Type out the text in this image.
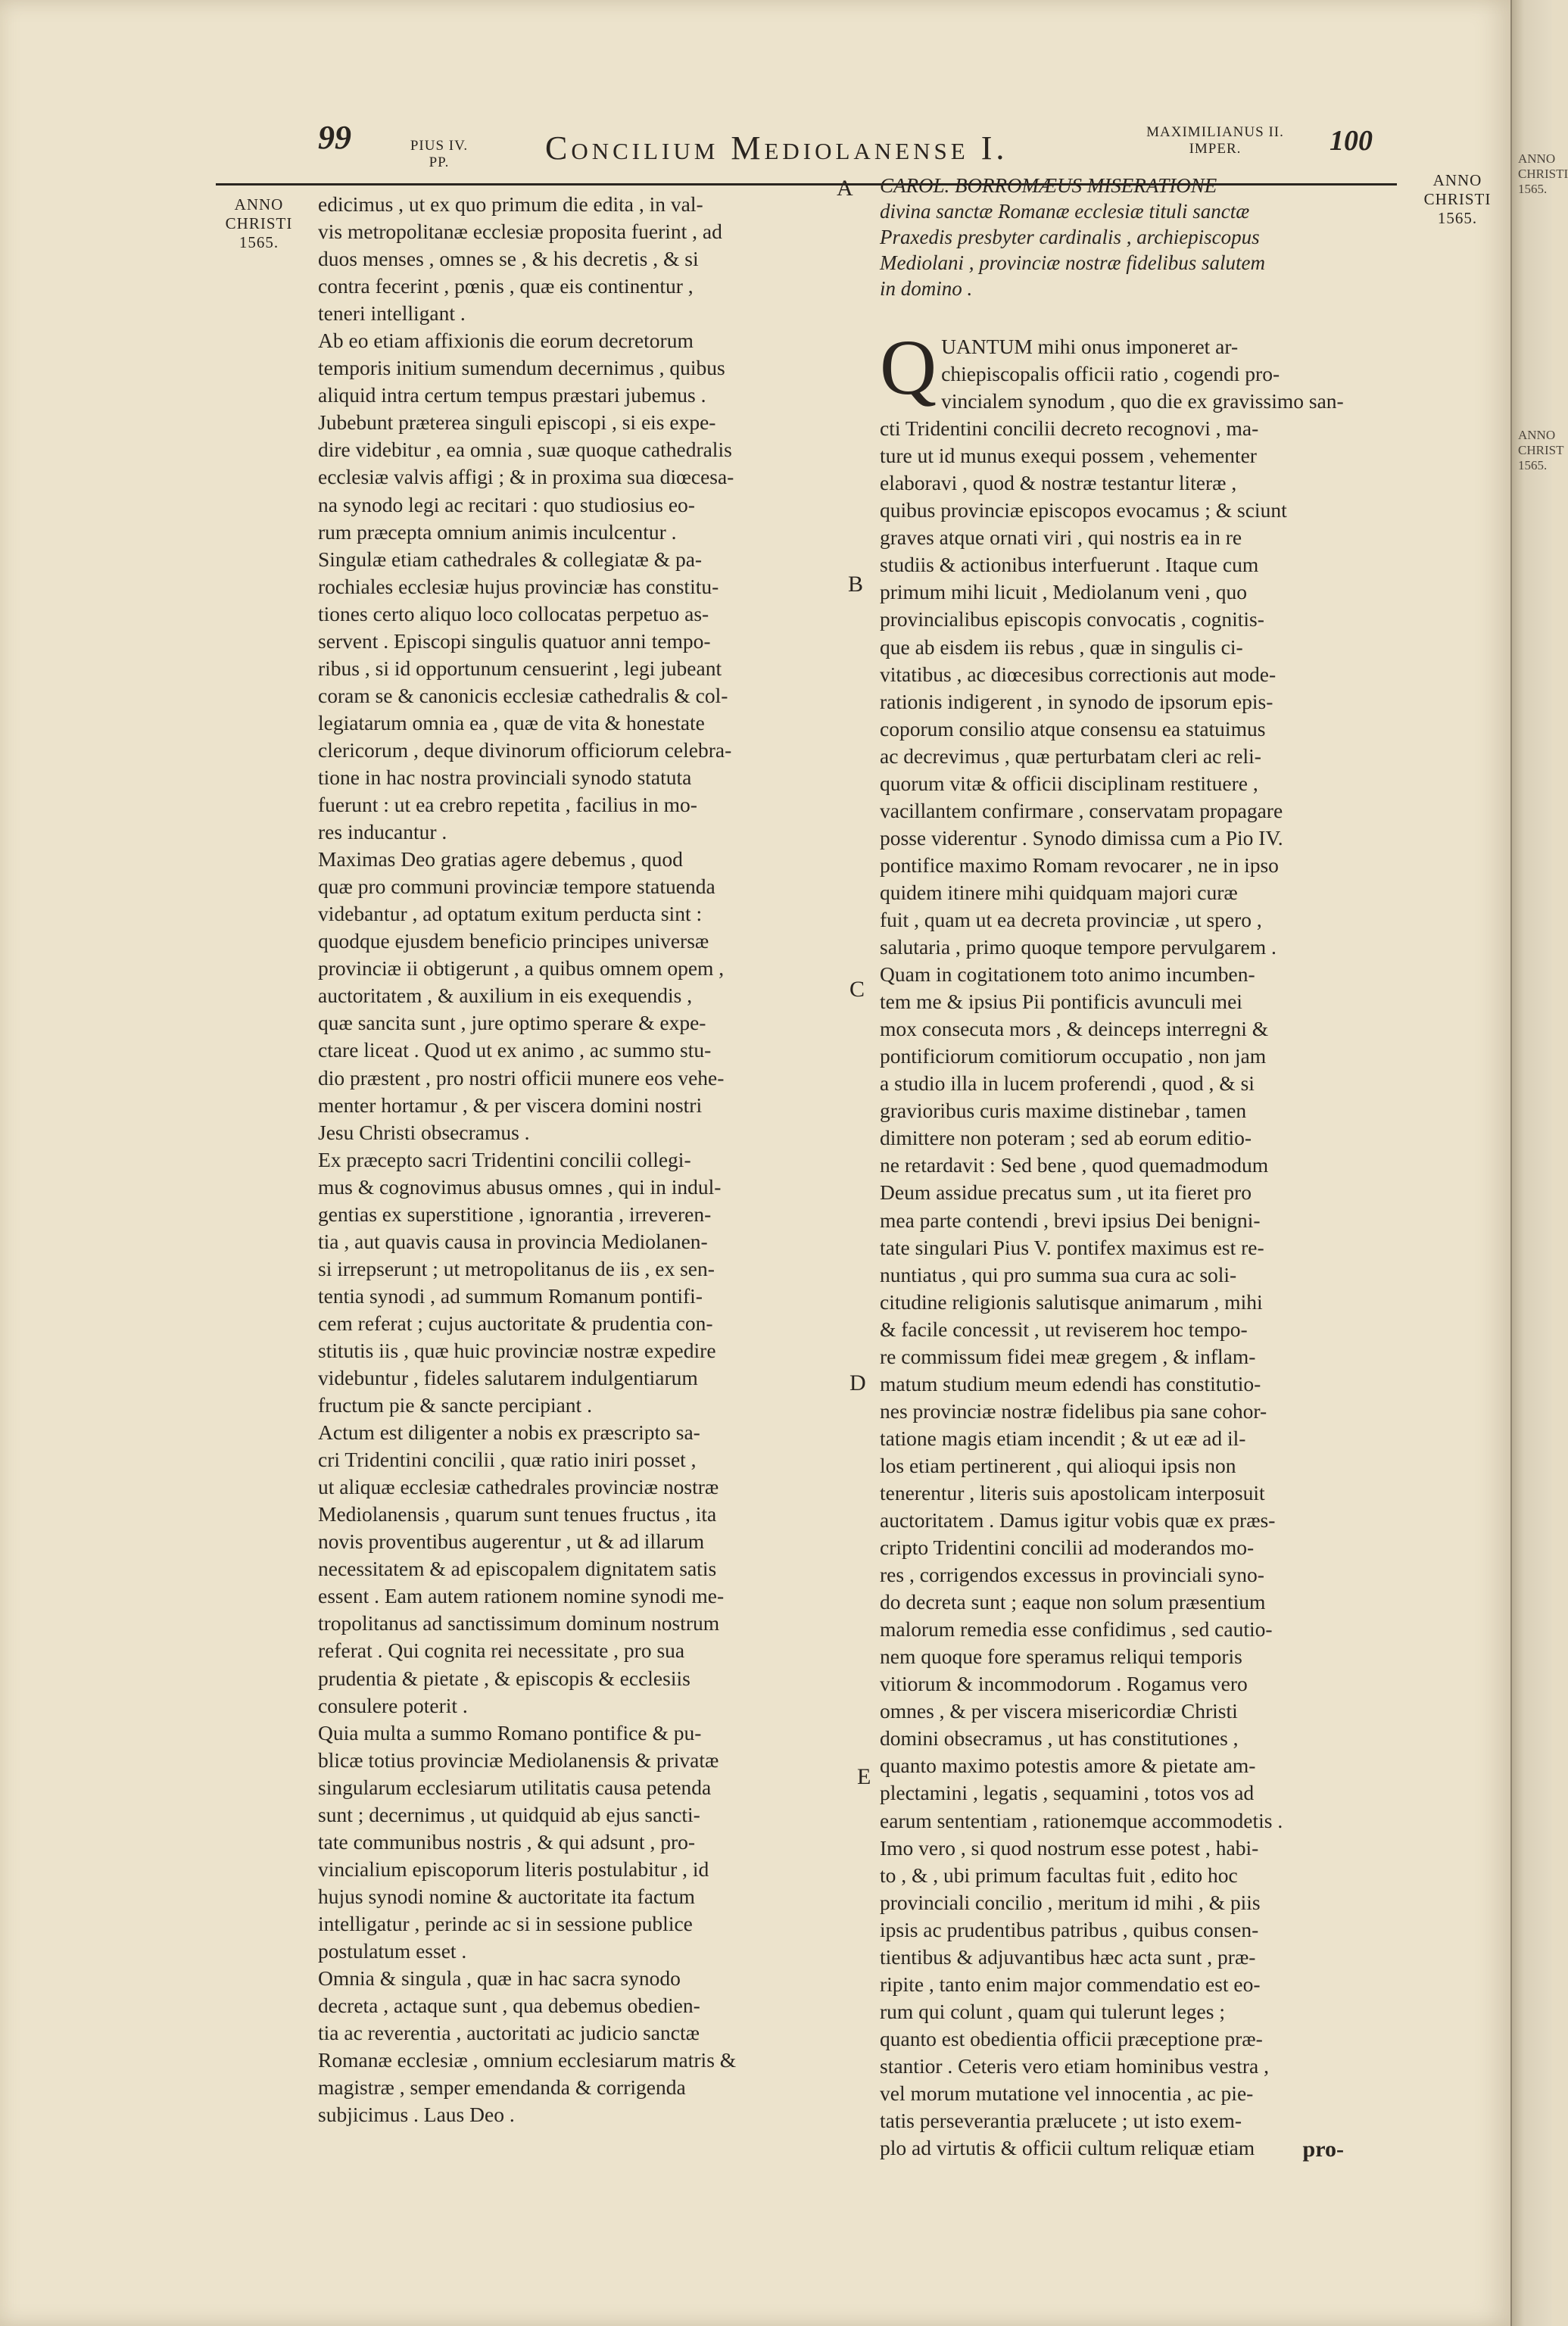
99	PIUS IV.
PP.	Concilium Mediolanense I.	MAXIMILIANUS II.
IMPER.	100
ANNO
CHRISTI
1565.
ANNO
CHRISTI
1565.
A
B
C
D
E
edicimus , ut ex quo primum die edita , in val-
vis metropolitanæ ecclesiæ proposita fuerint , ad
duos menses , omnes se , & his decretis , & si
contra fecerint , pœnis , quæ eis continentur ,
teneri intelligant .
Ab eo etiam affixionis die eorum decretorum
temporis initium sumendum decernimus , quibus
aliquid intra certum tempus præstari jubemus .
Jubebunt præterea singuli episcopi , si eis expe-
dire videbitur , ea omnia , suæ quoque cathedralis
ecclesiæ valvis affigi ; & in proxima sua diœcesa-
na synodo legi ac recitari : quo studiosius eo-
rum præcepta omnium animis inculcentur .
Singulæ etiam cathedrales & collegiatæ & pa-
rochiales ecclesiæ hujus provinciæ has constitu-
tiones certo aliquo loco collocatas perpetuo as-
servent . Episcopi singulis quatuor anni tempo-
ribus , si id opportunum censuerint , legi jubeant
coram se & canonicis ecclesiæ cathedralis & col-
legiatarum omnia ea , quæ de vita & honestate
clericorum , deque divinorum officiorum celebra-
tione in hac nostra provinciali synodo statuta
fuerunt : ut ea crebro repetita , facilius in mo-
res inducantur .
Maximas Deo gratias agere debemus , quod
quæ pro communi provinciæ tempore statuenda
videbantur , ad optatum exitum perducta sint :
quodque ejusdem beneficio principes universæ
provinciæ ii obtigerunt , a quibus omnem opem ,
auctoritatem , & auxilium in eis exequendis ,
quæ sancita sunt , jure optimo sperare & expe-
ctare liceat . Quod ut ex animo , ac summo stu-
dio præstent , pro nostri officii munere eos vehe-
menter hortamur , & per viscera domini nostri
Jesu Christi obsecramus .
Ex præcepto sacri Tridentini concilii collegi-
mus & cognovimus abusus omnes , qui in indul-
gentias ex superstitione , ignorantia , irreveren-
tia , aut quavis causa in provincia Mediolanen-
si irrepserunt ; ut metropolitanus de iis , ex sen-
tentia synodi , ad summum Romanum pontifi-
cem referat ; cujus auctoritate & prudentia con-
stitutis iis , quæ huic provinciæ nostræ expedire
videbuntur , fideles salutarem indulgentiarum
fructum pie & sancte percipiant .
Actum est diligenter a nobis ex præscripto sa-
cri Tridentini concilii , quæ ratio iniri posset ,
ut aliquæ ecclesiæ cathedrales provinciæ nostræ
Mediolanensis , quarum sunt tenues fructus , ita
novis proventibus augerentur , ut & ad illarum
necessitatem & ad episcopalem dignitatem satis
essent . Eam autem rationem nomine synodi me-
tropolitanus ad sanctissimum dominum nostrum
referat . Qui cognita rei necessitate , pro sua
prudentia & pietate , & episcopis & ecclesiis
consulere poterit .
Quia multa a summo Romano pontifice & pu-
blicæ totius provinciæ Mediolanensis & privatæ
singularum ecclesiarum utilitatis causa petenda
sunt ; decernimus , ut quidquid ab ejus sancti-
tate communibus nostris , & qui adsunt , pro-
vincialium episcoporum literis postulabitur , id
hujus synodi nomine & auctoritate ita factum
intelligatur , perinde ac si in sessione publice
postulatum esset .
Omnia & singula , quæ in hac sacra synodo
decreta , actaque sunt , qua debemus obedien-
tia ac reverentia , auctoritati ac judicio sanctæ
Romanæ ecclesiæ , omnium ecclesiarum matris &
magistræ , semper emendanda & corrigenda
subjicimus . Laus Deo .
CAROL. BORROMÆUS MISERATIONE
divina sanctæ Romanæ ecclesiæ tituli sanctæ
Praxedis presbyter cardinalis , archiepiscopus
Mediolani , provinciæ nostræ fidelibus salutem
in domino .
Q UANTUM mihi onus imponeret ar-
chiepiscopalis officii ratio , cogendi pro-
vincialem synodum , quo die ex gravissimo san-
cti Tridentini concilii decreto recognovi , ma-
ture ut id munus exequi possem , vehementer
elaboravi , quod & nostræ testantur literæ ,
quibus provinciæ episcopos evocamus ; & sciunt
graves atque ornati viri , qui nostris ea in re
studiis & actionibus interfuerunt . Itaque cum
primum mihi licuit , Mediolanum veni , quo
provincialibus episcopis convocatis , cognitis-
que ab eisdem iis rebus , quæ in singulis ci-
vitatibus , ac diœcesibus correctionis aut mode-
rationis indigerent , in synodo de ipsorum epis-
coporum consilio atque consensu ea statuimus
ac decrevimus , quæ perturbatam cleri ac reli-
quorum vitæ & officii disciplinam restituere ,
vacillantem confirmare , conservatam propagare
posse viderentur . Synodo dimissa cum a Pio IV.
pontifice maximo Romam revocarer , ne in ipso
quidem itinere mihi quidquam majori curæ
fuit , quam ut ea decreta provinciæ , ut spero ,
salutaria , primo quoque tempore pervulgarem .
Quam in cogitationem toto animo incumben-
tem me & ipsius Pii pontificis avunculi mei
mox consecuta mors , & deinceps interregni &
pontificiorum comitiorum occupatio , non jam
a studio illa in lucem proferendi , quod , & si
gravioribus curis maxime distinebar , tamen
dimittere non poteram ; sed ab eorum editio-
ne retardavit : Sed bene , quod quemadmodum
Deum assidue precatus sum , ut ita fieret pro
mea parte contendi , brevi ipsius Dei benigni-
tate singulari Pius V. pontifex maximus est re-
nuntiatus , qui pro summa sua cura ac soli-
citudine religionis salutisque animarum , mihi
& facile concessit , ut reviserem hoc tempo-
re commissum fidei meæ gregem , & inflam-
matum studium meum edendi has constitutio-
nes provinciæ nostræ fidelibus pia sane cohor-
tatione magis etiam incendit ; & ut eæ ad il-
los etiam pertinerent , qui alioqui ipsis non
tenerentur , literis suis apostolicam interposuit
auctoritatem . Damus igitur vobis quæ ex præs-
cripto Tridentini concilii ad moderandos mo-
res , corrigendos excessus in provinciali syno-
do decreta sunt ; eaque non solum præsentium
malorum remedia esse confidimus , sed cautio-
nem quoque fore speramus reliqui temporis
vitiorum & incommodorum . Rogamus vero
omnes , & per viscera misericordiæ Christi
domini obsecramus , ut has constitutiones ,
quanto maximo potestis amore & pietate am-
plectamini , legatis , sequamini , totos vos ad
earum sententiam , rationemque accommodetis .
Imo vero , si quod nostrum esse potest , habi-
to , & , ubi primum facultas fuit , edito hoc
provinciali concilio , meritum id mihi , & piis
ipsis ac prudentibus patribus , quibus consen-
tientibus & adjuvantibus hæc acta sunt , præ-
ripite , tanto enim major commendatio est eo-
rum qui colunt , quam qui tulerunt leges ;
quanto est obedientia officii præceptione præ-
stantior . Ceteris vero etiam hominibus vestra ,
vel morum mutatione vel innocentia , ac pie-
tatis perseverantia prælucete ; ut isto exem-
plo ad virtutis & officii cultum reliquæ etiam	pro-
ANNO
CHRISTI
1565.
ANNO
CHRIST
1565.
